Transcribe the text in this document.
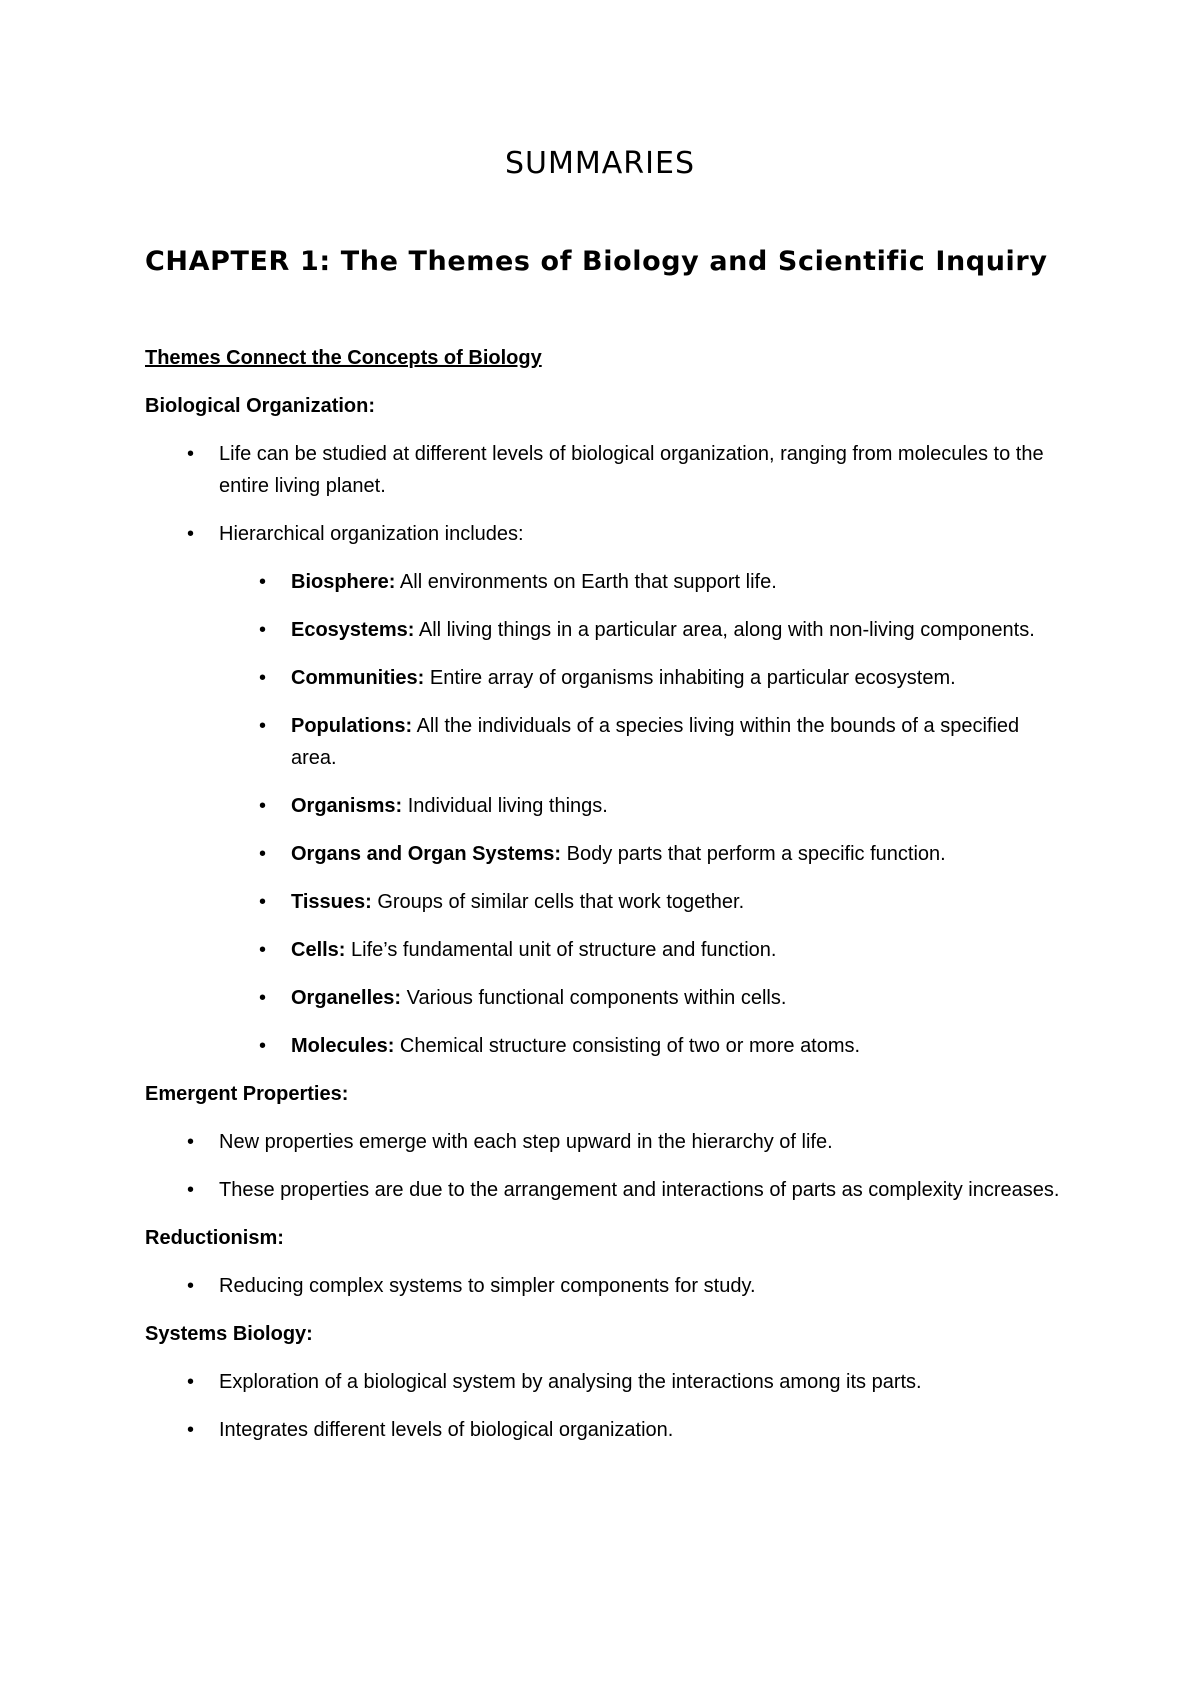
SUMMARIES
CHAPTER 1: The Themes of Biology and Scientific Inquiry
Themes Connect the Concepts of Biology
Biological Organization:
• Life can be studied at different levels of biological organization, ranging from molecules to the entire living planet.
• Hierarchical organization includes:
• Biosphere: All environments on Earth that support life.
• Ecosystems: All living things in a particular area, along with non-living components.
• Communities: Entire array of organisms inhabiting a particular ecosystem.
• Populations: All the individuals of a species living within the bounds of a specified area.
• Organisms: Individual living things.
• Organs and Organ Systems: Body parts that perform a specific function.
• Tissues: Groups of similar cells that work together.
• Cells: Life’s fundamental unit of structure and function.
• Organelles: Various functional components within cells.
• Molecules: Chemical structure consisting of two or more atoms.
Emergent Properties:
• New properties emerge with each step upward in the hierarchy of life.
• These properties are due to the arrangement and interactions of parts as complexity increases.
Reductionism:
• Reducing complex systems to simpler components for study.
Systems Biology:
• Exploration of a biological system by analysing the interactions among its parts.
• Integrates different levels of biological organization.
